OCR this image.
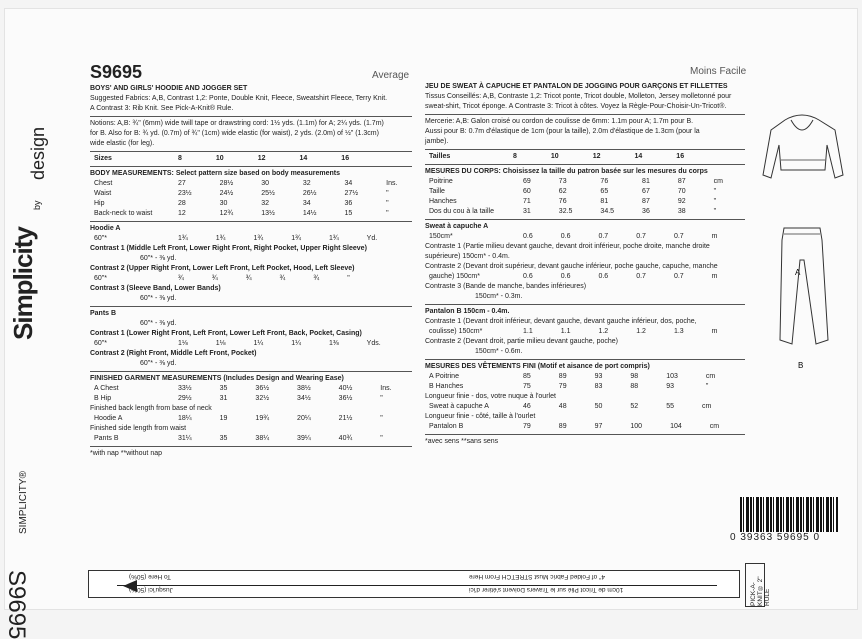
Simplicity
by
design
SIMPLICITY®
S9695
S9695	Average

BOYS' AND GIRLS' HOODIE AND JOGGER SET

Suggested Fabrics: A,B, Contrast 1,2: Ponte, Double Knit, Fleece, Sweatshirt Fleece, Terry Knit.

A Contrast 3: Rib Knit. See Pick-A-Knit® Rule.

Notions: A,B: ¾" (6mm) wide twill tape or drawstring cord: 1½ yds. (1.1m) for A; 2¼ yds. (1.7m)

for B. Also for B: ¾ yd. (0.7m) of ¾" (1cm) wide elastic (for waist), 2 yds. (2.0m) of ½" (1.3cm)

wide elastic (for leg).

Sizes	8	10	12	14	16	

BODY MEASUREMENTS: Select pattern size based on body measurements

Chest	27	28½	30	32	34	Ins.
Waist	23½	24½	25½	26½	27½	"
Hip	28	30	32	34	36	"
Back-neck to waist	12	12¾	13½	14½	15	"

Hoodie A

60"*	1¾	1¾	1¾	1¾	1¾	Yd.

Contrast 1 (Middle Left Front, Lower Right Front, Right Pocket, Upper Right Sleeve)

60"* - ⅜ yd.

Contrast 2 (Upper Right Front, Lower Left Front, Left Pocket, Hood, Left Sleeve)

60"*	¾	¾	¾	¾	¾	"

Contrast 3 (Sleeve Band, Lower Bands)

60"* - ⅜ yd.

Pants B

60"* - ⅜ yd.

Contrast 1 (Lower Right Front, Left Front, Lower Left Front, Back, Pocket, Casing)

60"*	1⅛	1⅛	1¼	1¼	1⅜	Yds.

Contrast 2 (Right Front, Middle Left Front, Pocket)

60"* - ⅜ yd.

FINISHED GARMENT MEASUREMENTS (Includes Design and Wearing Ease)

A Chest	33½	35	36½	38½	40½	Ins.
B Hip	29½	31	32½	34½	36½	"

Finished back length from base of neck

Hoodie A	18¼	19	19¾	20¼	21½	"

Finished side length from waist

Pants B	31¼	35	38¼	39¼	40¾	"

*with nap **without nap

Moins Facile

JEU DE SWEAT À CAPUCHE ET PANTALON DE JOGGING POUR GARÇONS ET FILLETTES

Tissus Conseillés: A,B, Contraste 1,2: Tricot ponte, Tricot double, Molleton, Jersey molletonné pour

sweat-shirt, Tricot éponge. A Contraste 3: Tricot à côtes. Voyez la Règle-Pour-Choisir-Un-Tricot®.

Mercerie: A,B: Galon croisé ou cordon de coulisse de 6mm: 1.1m pour A; 1.7m pour B.

Aussi pour B: 0.7m d'élastique de 1cm (pour la taille), 2.0m d'élastique de 1.3cm (pour la

jambe).

Tailles	8	10	12	14	16

MESURES DU CORPS: Choisissez la taille du patron basée sur les mesures du corps

Poitrine	69	73	76	81	87	cm
Taille	60	62	65	67	70	"
Hanches	71	76	81	87	92	"
Dos du cou à la taille	31	32.5	34.5	36	38	"

Sweat à capuche A

150cm*	0.6	0.6	0.7	0.7	0.7	m

Contraste 1 (Partie milieu devant gauche, devant droit inférieur, poche droite, manche droite

supérieure) 150cm* - 0.4m.

Contraste 2 (Devant droit supérieur, devant gauche inférieur, poche gauche, capuche, manche

gauche) 150cm*	0.6	0.6	0.6	0.7	0.7	m

Contraste 3 (Bande de manche, bandes inférieures)

150cm* - 0.3m.

Pantalon B 150cm - 0.4m.

Contraste 1 (Devant droit inférieur, devant gauche, devant gauche inférieur, dos, poche,

coulisse) 150cm*	1.1	1.1	1.2	1.2	1.3	m

Contraste 2 (Devant droit, partie milieu devant gauche, poche)

150cm* - 0.6m.

MESURES DES VÊTEMENTS FINI (Motif et aisance de port compris)

A Poitrine	85	89	93	98	103	cm
B Hanches	75	79	83	88	93	"

Longueur finie - dos, votre nuque à l'ourlet

Sweat à capuche A	46	48	50	52	55	cm

Longueur finie - côté, taille à l'ourlet

Pantalon B	79	89	97	100	104	cm

*avec sens **sans sens

A
B
0 39363 59695 0
To Here (50%)
Jusqu'ici (50%)
4" of Folded Fabric Must STRETCH From Here
10cm de Tricot Plié sur le Travers Doivent s'étirer d'ici	PICK-A-KNIT® 2" RULE
